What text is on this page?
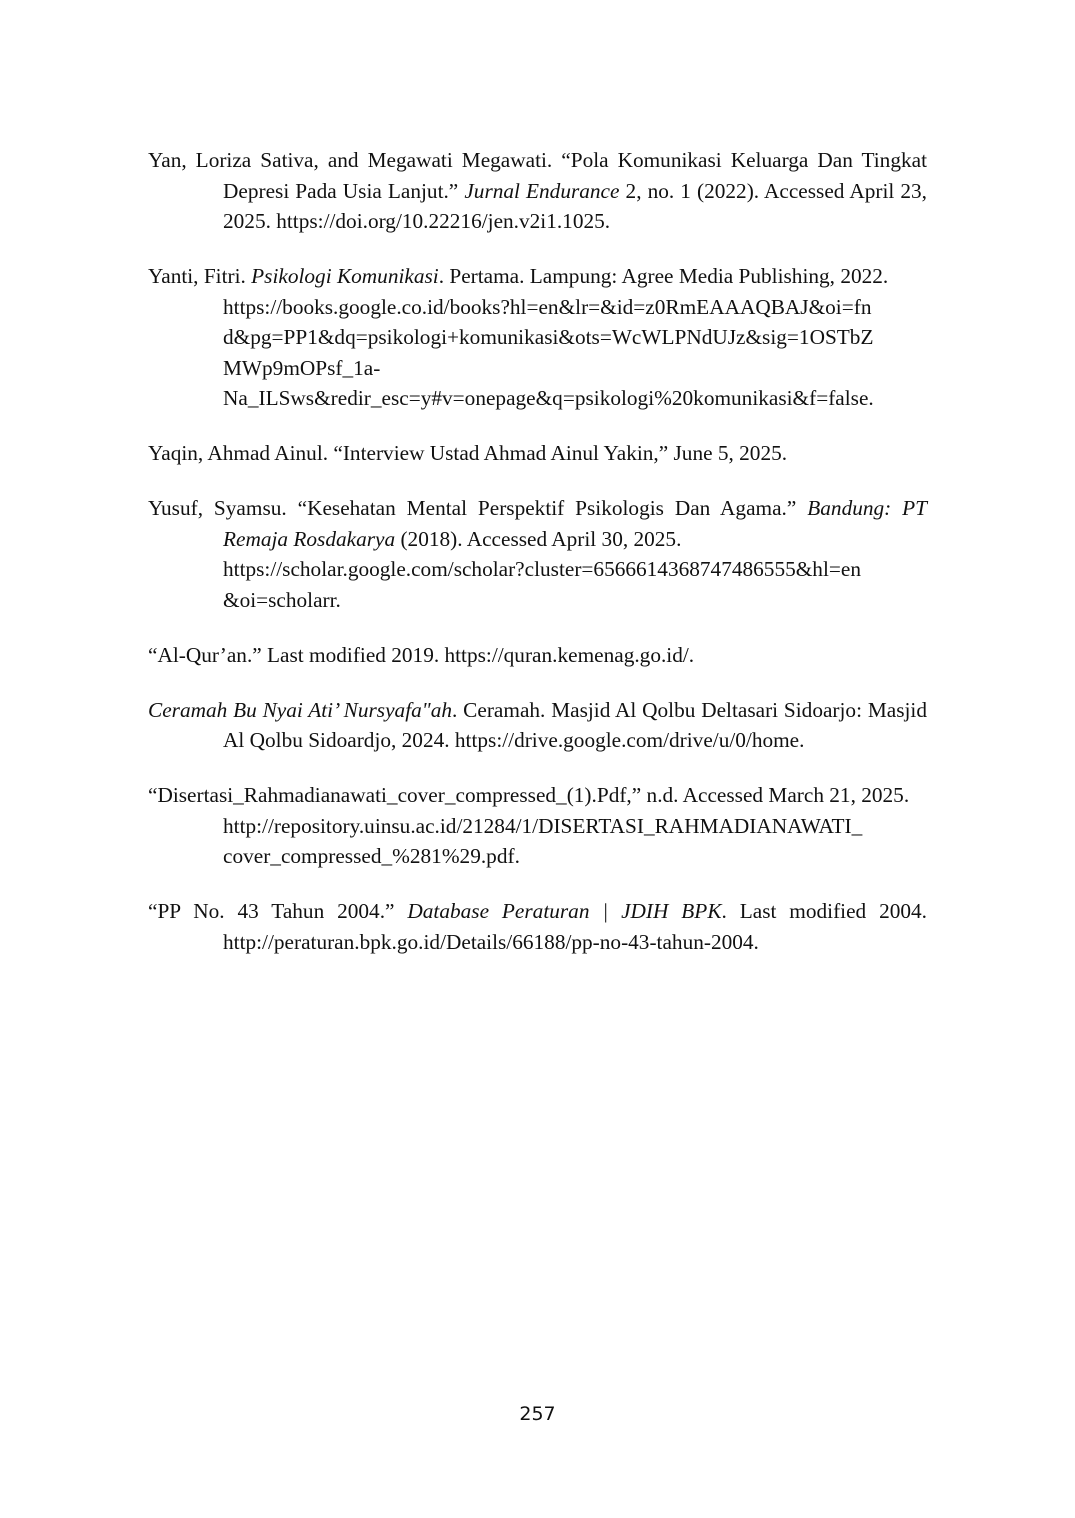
Yan, Loriza Sativa, and Megawati Megawati. “Pola Komunikasi Keluarga Dan Tingkat Depresi Pada Usia Lanjut.” Jurnal Endurance 2, no. 1 (2022). Accessed April 23, 2025. https://doi.org/10.22216/jen.v2i1.1025.

Yanti, Fitri. Psikologi Komunikasi. Pertama. Lampung: Agree Media Publishing, 2022.
https://books.google.co.id/books?hl=en&lr=&id=z0RmEAAAQBAJ&oi=fn
d&pg=PP1&dq=psikologi+komunikasi&ots=WcWLPNdUJz&sig=1OSTbZ
MWp9mOPsf_1a-
Na_ILSws&redir_esc=y#v=onepage&q=psikologi%20komunikasi&f=false.

Yaqin, Ahmad Ainul. “Interview Ustad Ahmad Ainul Yakin,” June 5, 2025.

Yusuf, Syamsu. “Kesehatan Mental Perspektif Psikologis Dan Agama.” Bandung: PT Remaja Rosdakarya (2018). Accessed April 30, 2025.
https://scholar.google.com/scholar?cluster=6566614368747486555&hl=en
&oi=scholarr.

“Al-Qur’an.” Last modified 2019. https://quran.kemenag.go.id/.

Ceramah Bu Nyai Ati’ Nursyafa"ah. Ceramah. Masjid Al Qolbu Deltasari Sidoarjo: Masjid Al Qolbu Sidoardjo, 2024. https://drive.google.com/drive/u/0/home.

“Disertasi_Rahmadianawati_cover_compressed_(1).Pdf,” n.d. Accessed March 21, 2025.
http://repository.uinsu.ac.id/21284/1/DISERTASI_RAHMADIANAWATI_
cover_compressed_%281%29.pdf.

“PP No. 43 Tahun 2004.” Database Peraturan | JDIH BPK. Last modified 2004. http://peraturan.bpk.go.id/Details/66188/pp-no-43-tahun-2004.

257
